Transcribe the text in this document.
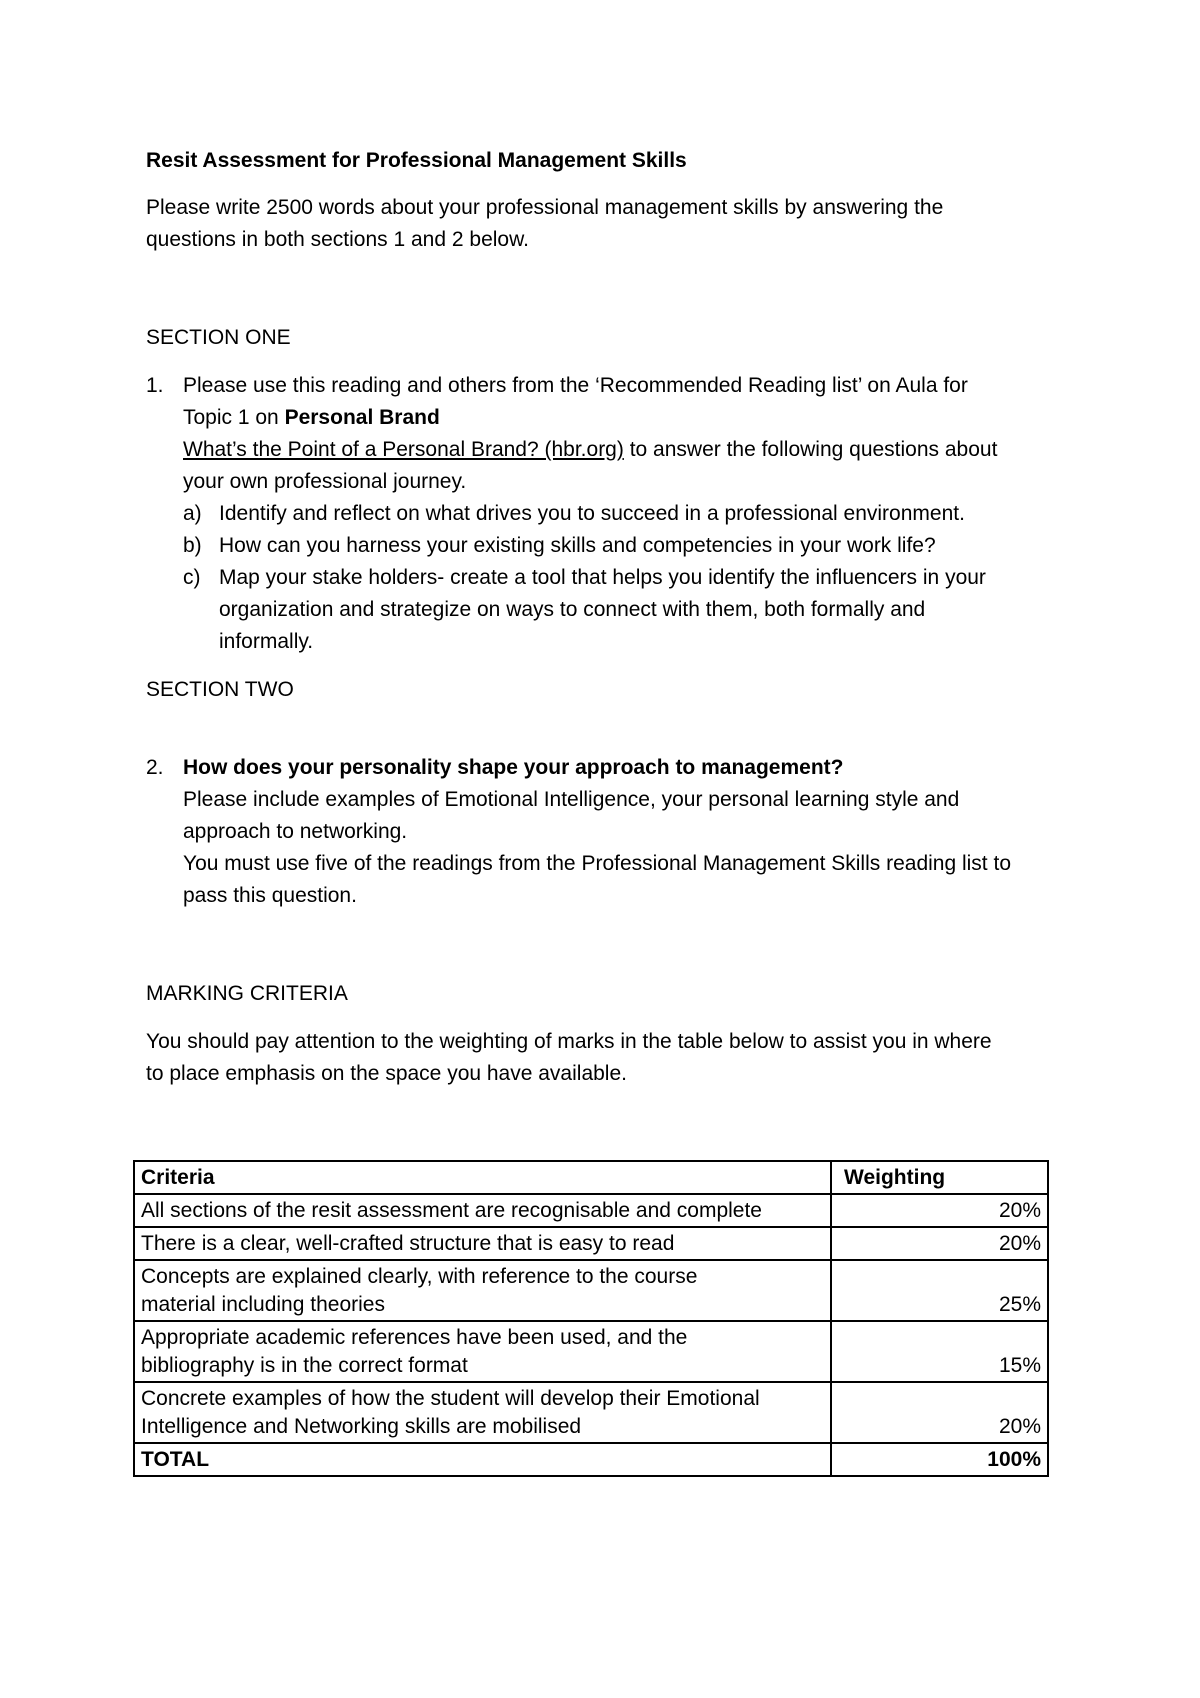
Resit Assessment for Professional Management Skills
Please write 2500 words about your professional management skills by answering the
questions in both sections 1 and 2 below.
SECTION ONE
1. Please use this reading and others from the ‘Recommended Reading list’ on Aula for
Topic 1 on Personal Brand
What’s the Point of a Personal Brand? (hbr.org) to answer the following questions about
your own professional journey.
a) Identify and reflect on what drives you to succeed in a professional environment.
b) How can you harness your existing skills and competencies in your work life?
c) Map your stake holders- create a tool that helps you identify the influencers in your
organization and strategize on ways to connect with them, both formally and
informally.
SECTION TWO
2. How does your personality shape your approach to management?
Please include examples of Emotional Intelligence, your personal learning style and
approach to networking.
You must use five of the readings from the Professional Management Skills reading list to
pass this question.
MARKING CRITERIA
You should pay attention to the weighting of marks in the table below to assist you in where
to place emphasis on the space you have available.
Criteria	Weighting
All sections of the resit assessment are recognisable and complete	20%
There is a clear, well-crafted structure that is easy to read	20%
Concepts are explained clearly, with reference to the course
material including theories	25%
Appropriate academic references have been used, and the
bibliography is in the correct format	15%
Concrete examples of how the student will develop their Emotional
Intelligence and Networking skills are mobilised	20%
TOTAL	100%
